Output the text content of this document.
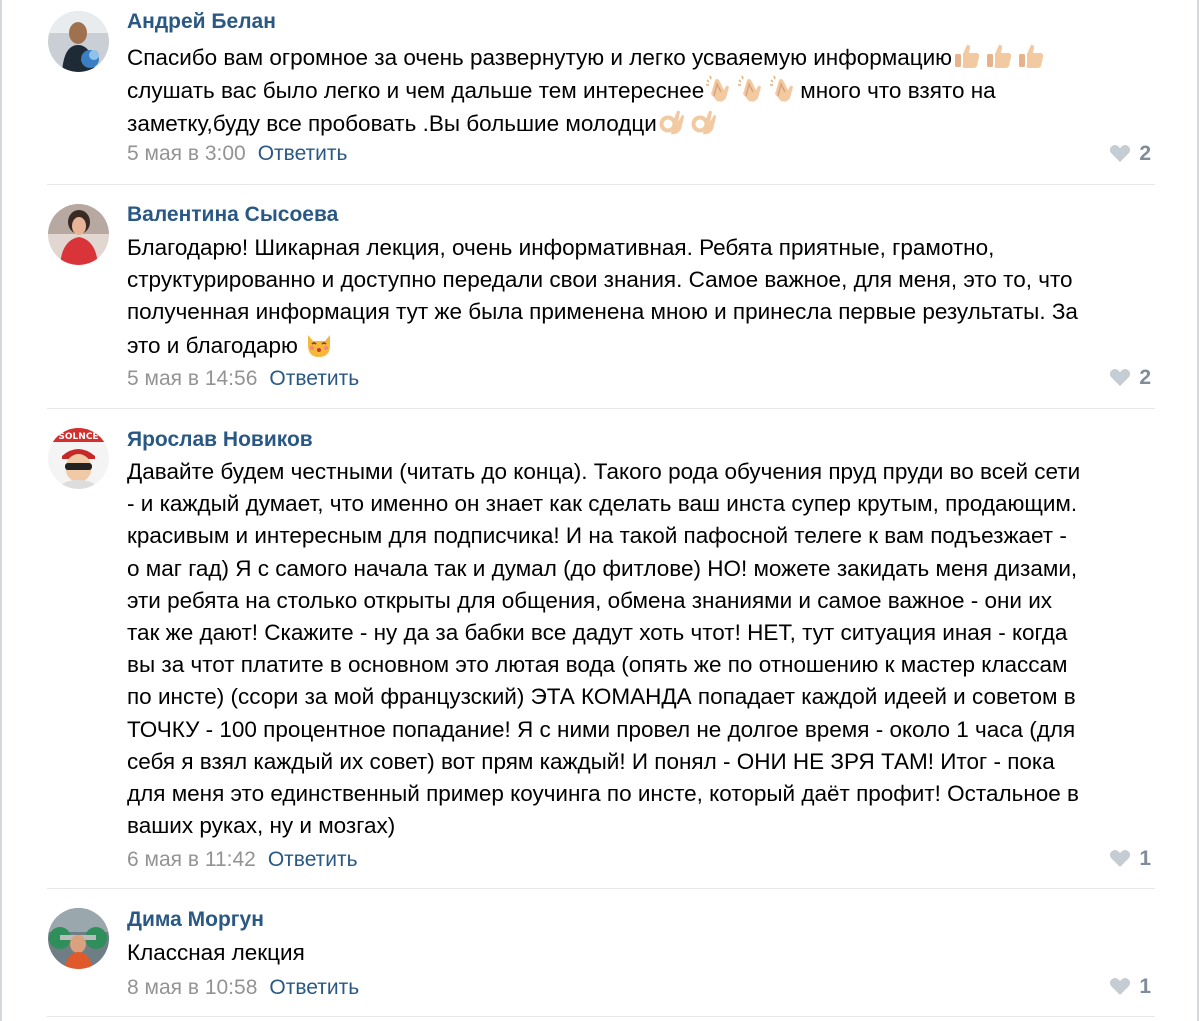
Андрей Белан
Спасибо вам огромное за очень развернутую и легко усваяемую информацию
слушать вас было легко и чем дальше тем интереснее	много что взято на
заметку,буду все пробовать .Вы большие молодци
5 мая в 3:00 Ответить	2
Валентина Сысоева
Благодарю! Шикарная лекция, очень информативная. Ребята приятные, грамотно,
структурированно и доступно передали свои знания. Самое важное, для меня, это то, что
полученная информация тут же была применена мною и принесла первые результаты. За
это и благодарю
5 мая в 14:56 Ответить	2
SOLNCE Ярослав Новиков
Давайте будем честными (читать до конца). Такого рода обучения пруд пруди во всей сети
- и каждый думает, что именно он знает как сделать ваш инста супер крутым, продающим.
красивым и интересным для подписчика! И на такой пафосной телеге к вам подъезжает -
о маг гад) Я с самого начала так и думал (до фитлове) НО! можете закидать меня дизами,
эти ребята на столько открыты для общения, обмена знаниями и самое важное - они их
так же дают! Скажите - ну да за бабки все дадут хоть чтот! НЕТ, тут ситуация иная - когда
вы за чтот платите в основном это лютая вода (опять же по отношению к мастер классам
по инсте) (ссори за мой французский) ЭТА КОМАНДА попадает каждой идеей и советом в
ТОЧКУ - 100 процентное попадание! Я с ними провел не долгое время - около 1 часа (для
себя я взял каждый их совет) вот прям каждый! И понял - ОНИ НЕ ЗРЯ ТАМ! Итог - пока
для меня это единственный пример коучинга по инсте, который даёт профит! Остальное в
ваших руках, ну и мозгах)
6 мая в 11:42 Ответить	1
Дима Моргун
Классная лекция
8 мая в 10:58 Ответить	1
